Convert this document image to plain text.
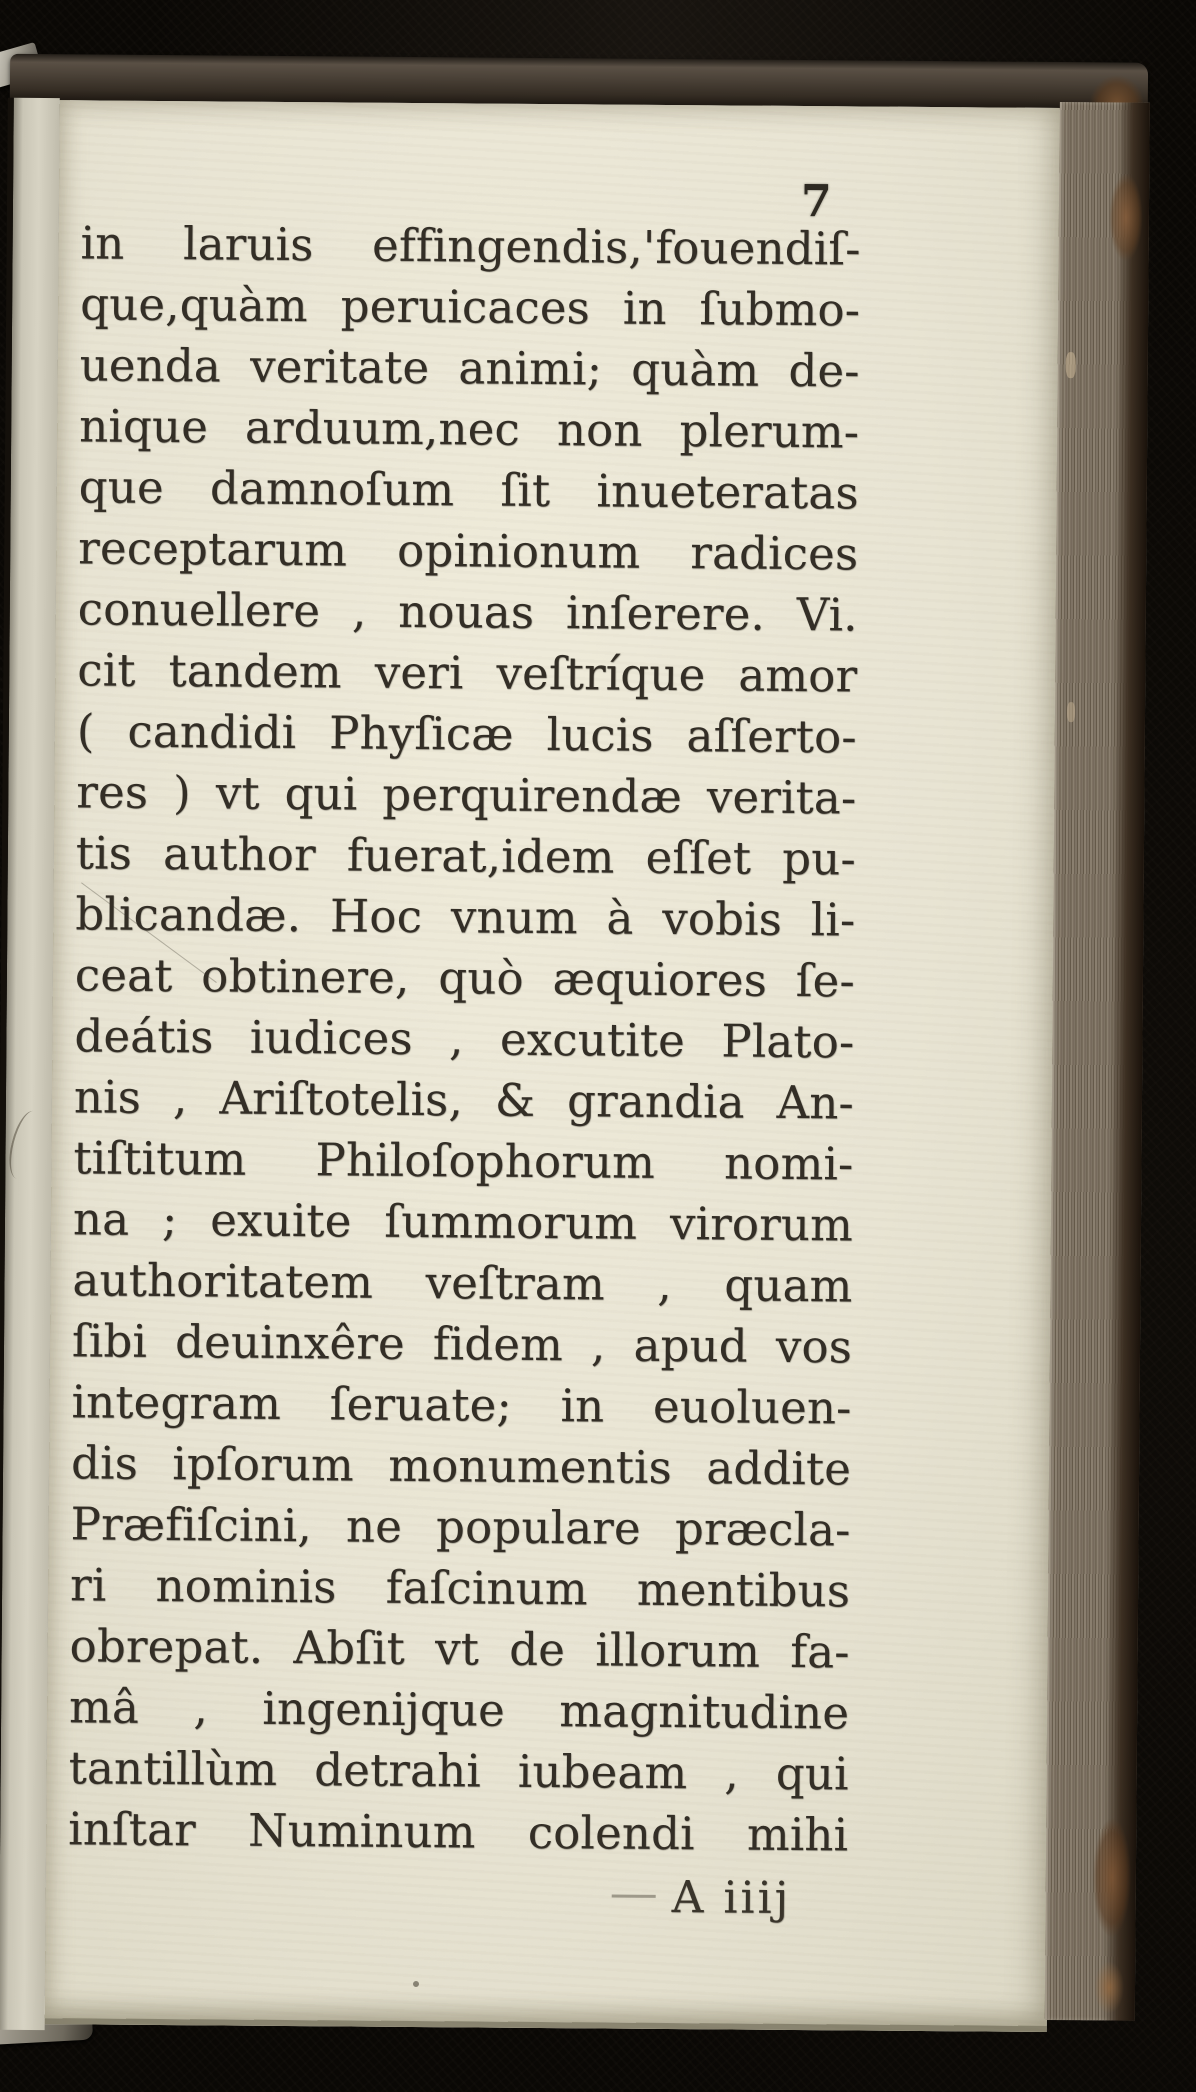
7
in laruis effingendis,'fouendiſ-
que,quàm peruicaces in ſubmo-
uenda veritate animi; quàm de-
nique arduum,nec non plerum-
que damnoſum ſit inueteratas
receptarum opinionum radices
conuellere , nouas inſerere. Vi.
cit tandem veri veſtríque amor
( candidi Phyſicæ lucis aſſerto-
res ) vt qui perquirendæ verita-
tis author fuerat,idem eſſet pu-
blicandæ. Hoc vnum à vobis li-
ceat obtinere, quò æquiores ſe-
deátis iudices , excutite Plato-
nis , Ariſtotelis, & grandia An-
tiſtitum Philoſophorum nomi-
na ; exuite ſummorum virorum
authoritatem veſtram , quam
ſibi deuinxêre fidem , apud vos
integram ſeruate; in euoluen-
dis ipſorum monumentis addite
Præfiſcini, ne populare præcla-
ri nominis faſcinum mentibus
obrepat. Abſit vt de illorum fa-
mâ , ingenijque magnitudine
tantillùm detrahi iubeam , qui
inſtar Numinum colendi mihi
A iiij
